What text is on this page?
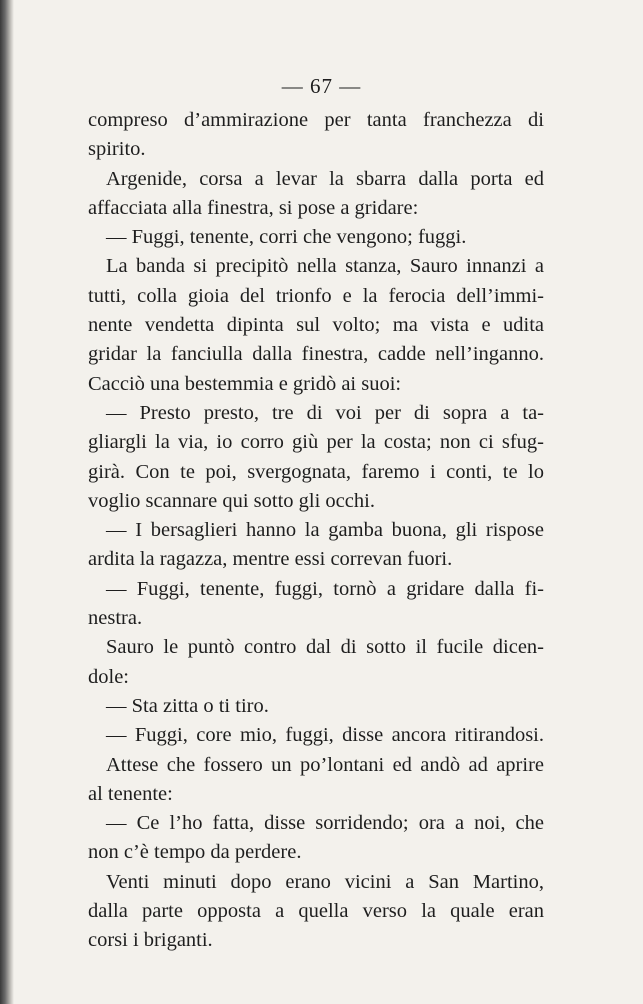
— 67 —
compreso d’ammirazione per tanta franchezza di
spirito.
Argenide, corsa a levar la sbarra dalla porta ed
affacciata alla finestra, si pose a gridare:
— Fuggi, tenente, corri che vengono; fuggi.
La banda si precipitò nella stanza, Sauro innanzi a
tutti, colla gioia del trionfo e la ferocia dell’immi-
nente vendetta dipinta sul volto; ma vista e udita
gridar la fanciulla dalla finestra, cadde nell’inganno.
Cacciò una bestemmia e gridò ai suoi:
— Presto presto, tre di voi per di sopra a ta-
gliargli la via, io corro giù per la costa; non ci sfug-
girà. Con te poi, svergognata, faremo i conti, te lo
voglio scannare qui sotto gli occhi.
— I bersaglieri hanno la gamba buona, gli rispose
ardita la ragazza, mentre essi correvan fuori.
— Fuggi, tenente, fuggi, tornò a gridare dalla fi-
nestra.
Sauro le puntò contro dal di sotto il fucile dicen-
dole:
— Sta zitta o ti tiro.
— Fuggi, core mio, fuggi, disse ancora ritirandosi.
Attese che fossero un po’lontani ed andò ad aprire
al tenente:
— Ce l’ho fatta, disse sorridendo; ora a noi, che
non c’è tempo da perdere.
Venti minuti dopo erano vicini a San Martino,
dalla parte opposta a quella verso la quale eran
corsi i briganti.
